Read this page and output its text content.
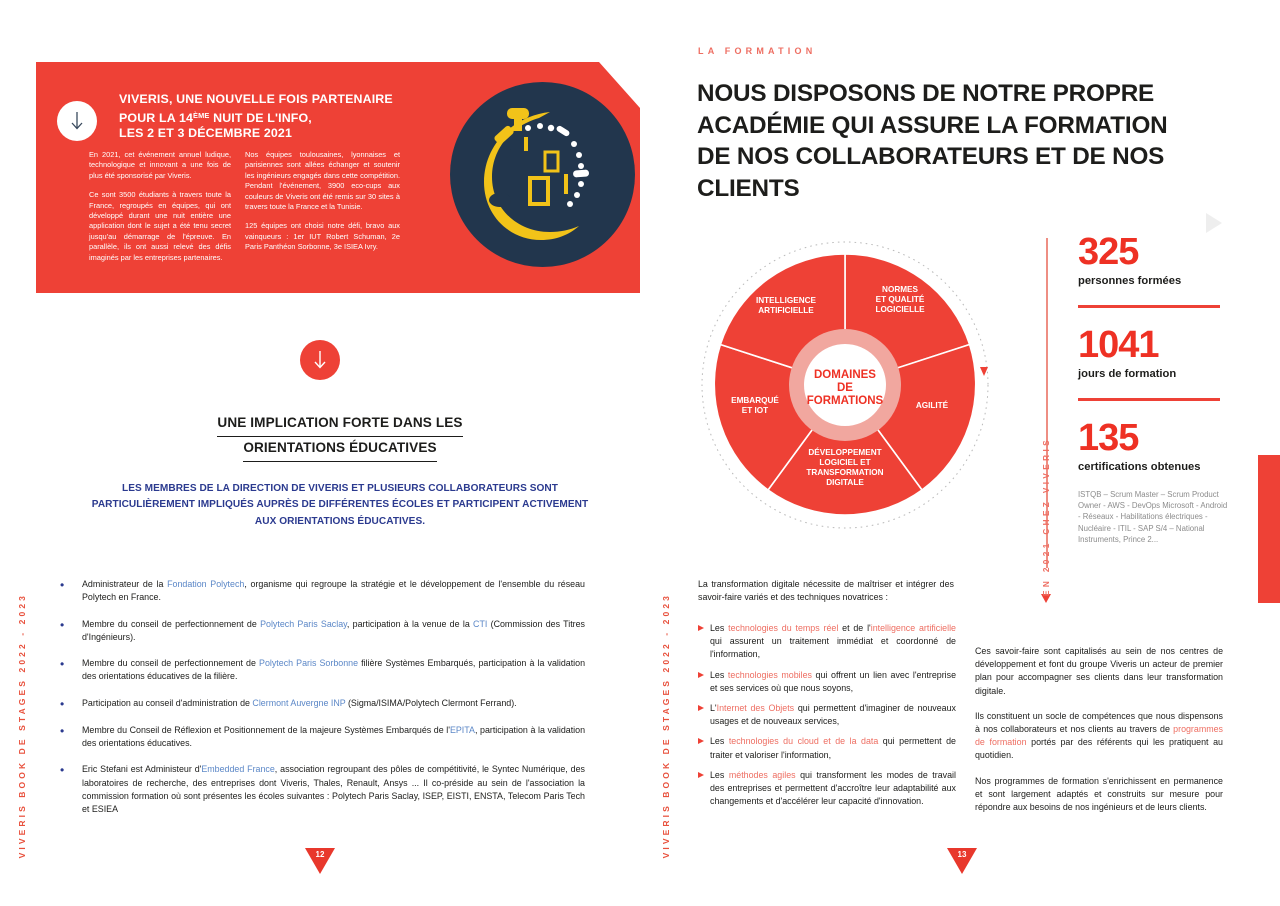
VIVERIS BOOK DE STAGES 2022 - 2023
VIVERIS, UNE NOUVELLE FOIS PARTENAIRE
POUR LA 14ÈME NUIT DE L'INFO,
LES 2 ET 3 DÉCEMBRE 2021

En 2021, cet événement annuel ludique, technologique et innovant a une fois de plus été sponsorisé par Viveris.

Ce sont 3500 étudiants à travers toute la France, regroupés en équipes, qui ont développé durant une nuit entière une application dont le sujet a été tenu secret jusqu'au démarrage de l'épreuve. En parallèle, ils ont aussi relevé des défis imaginés par les entreprises partenaires.

Nos équipes toulousaines, lyonnaises et parisiennes sont allées échanger et soutenir les ingénieurs engagés dans cette compétition. Pendant l'événement, 3900 eco-cups aux couleurs de Viveris ont été remis sur 30 sites à travers toute la France et la Tunisie.

125 équipes ont choisi notre défi, bravo aux vainqueurs : 1er IUT Robert Schuman, 2e Paris Panthéon Sorbonne, 3e ISIEA Ivry.

UNE IMPLICATION FORTE DANS LES
ORIENTATIONS ÉDUCATIVES
LES MEMBRES DE LA DIRECTION DE VIVERIS ET PLUSIEURS COLLABORATEURS SONT PARTICULIÈREMENT IMPLIQUÉS AUPRÈS DE DIFFÉRENTES ÉCOLES ET PARTICIPENT ACTIVEMENT AUX ORIENTATIONS ÉDUCATIVES.
•	Administrateur de la Fondation Polytech, organisme qui regroupe la stratégie et le développement de l'ensemble du réseau Polytech en France.
•	Membre du conseil de perfectionnement de Polytech Paris Saclay, participation à la venue de la CTI (Commission des Titres d'Ingénieurs).
•	Membre du conseil de perfectionnement de Polytech Paris Sorbonne filière Systèmes Embarqués, participation à la validation des orientations éducatives de la filière.
•	Participation au conseil d'administration de Clermont Auvergne INP (Sigma/ISIMA/Polytech Clermont Ferrand).
•	Membre du Conseil de Réflexion et Positionnement de la majeure Systèmes Embarqués de l'EPITA, participation à la validation des orientations éducatives.
•	Eric Stefani est Administeur d'Embedded France, association regroupant des pôles de compétitivité, le Syntec Numérique, des laboratoires de recherche, des entreprises dont Viveris, Thales, Renault, Ansys ... Il co-préside au sein de l'association la commission formation où sont présentes les écoles suivantes : Polytech Paris Saclay, ISEP, EISTI, ENSTA, Telecom Paris Tech et ESIEA
12	VIVERIS BOOK DE STAGES 2022 - 2023
LA FORMATION
NOUS DISPOSONS DE NOTRE PROPRE ACADÉMIE QUI ASSURE LA FORMATION DE NOS COLLABORATEURS ET DE NOS CLIENTS
DOMAINES
DE
FORMATIONS
NORMES
ET QUALITÉ
LOGICIELLE
AGILITÉ
DÉVELOPPEMENT
LOGICIEL ET
TRANSFORMATION
DIGITALE
EMBARQUÉ
ET IOT
INTELLIGENCE
ARTIFICIELLE
EN 2021 CHEZ VIVERIS
325
personnes formées
1041
jours de formation
135
certifications obtenues
ISTQB – Scrum Master – Scrum Product Owner - AWS - DevOps Microsoft - Android - Réseaux - Habilitations électriques - Nucléaire - ITIL - SAP S/4 – National Instruments, Prince 2...
La transformation digitale nécessite de maîtriser et intégrer des savoir-faire variés et des techniques novatrices :
Les technologies du temps réel et de l'intelligence artificielle qui assurent un traitement immédiat et coordonné de l'information,
Les technologies mobiles qui offrent un lien avec l'entreprise et ses services où que nous soyons,
L'Internet des Objets qui permettent d'imaginer de nouveaux usages et de nouveaux services,
Les technologies du cloud et de la data qui permettent de traiter et valoriser l'information,
Les méthodes agiles qui transforment les modes de travail des entreprises et permettent d'accroître leur adaptabilité aux changements et d'accélérer leur capacité d'innovation.

Ces savoir-faire sont capitalisés au sein de nos centres de développement et font du groupe Viveris un acteur de premier plan pour accompagner ses clients dans leur transformation digitale.

Ils constituent un socle de compétences que nous dispensons à nos collaborateurs et nos clients au travers de programmes de formation portés par des référents qui les pratiquent au quotidien.

Nos programmes de formation s'enrichissent en permanence et sont largement adaptés et construits sur mesure pour répondre aux besoins de nos ingénieurs et de leurs clients.

13
